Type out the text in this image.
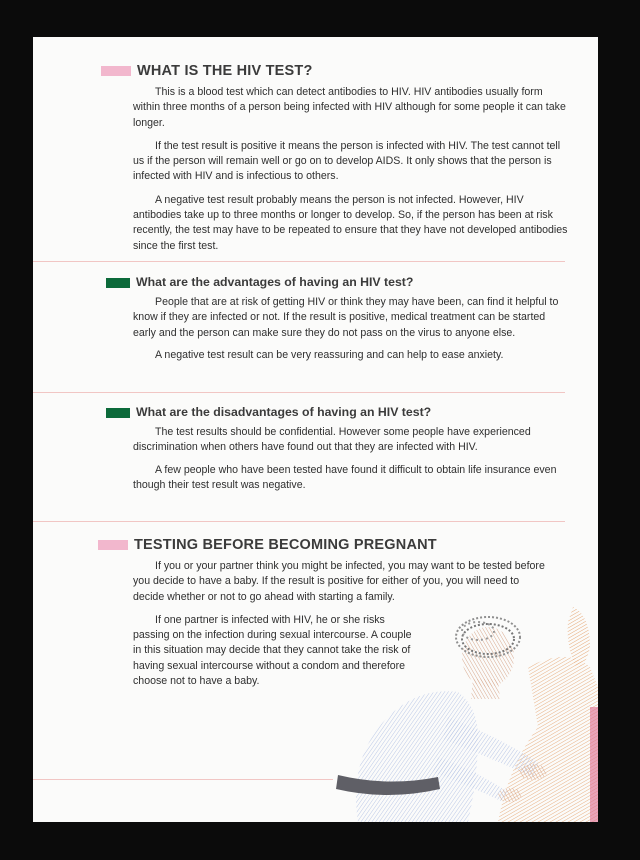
WHAT IS THE HIV TEST?

This is a blood test which can detect antibodies to HIV. HIV antibodies usually form within three months of a person being infected with HIV although for some people it can take longer.

If the test result is positive it means the person is infected with HIV. The test cannot tell us if the person will remain well or go on to develop AIDS. It only shows that the person is infected with HIV and is infectious to others.

A negative test result probably means the person is not infected. However, HIV antibodies take up to three months or longer to develop. So, if the person has been at risk recently, the test may have to be repeated to ensure that they have not developed antibodies since the first test.

What are the advantages of having an HIV test?

People that are at risk of getting HIV or think they may have been, can find it helpful to know if they are infected or not. If the result is positive, medical treatment can be started early and the person can make sure they do not pass on the virus to anyone else.

A negative test result can be very reassuring and can help to ease anxiety.

What are the disadvantages of having an HIV test?

The test results should be confidential. However some people have experienced discrimination when others have found out that they are infected with HIV.

A few people who have been tested have found it difficult to obtain life insurance even though their test result was negative.

TESTING BEFORE BECOMING PREGNANT

If you or your partner think you might be infected, you may want to be tested before you decide to have a baby. If the result is positive for either of you, you will need to decide whether or not to go ahead with starting a family.

If one partner is infected with HIV, he or she risks passing on the infection during sexual intercourse. A couple in this situation may decide that they cannot take the risk of having sexual intercourse without a condom and therefore choose not to have a baby.
